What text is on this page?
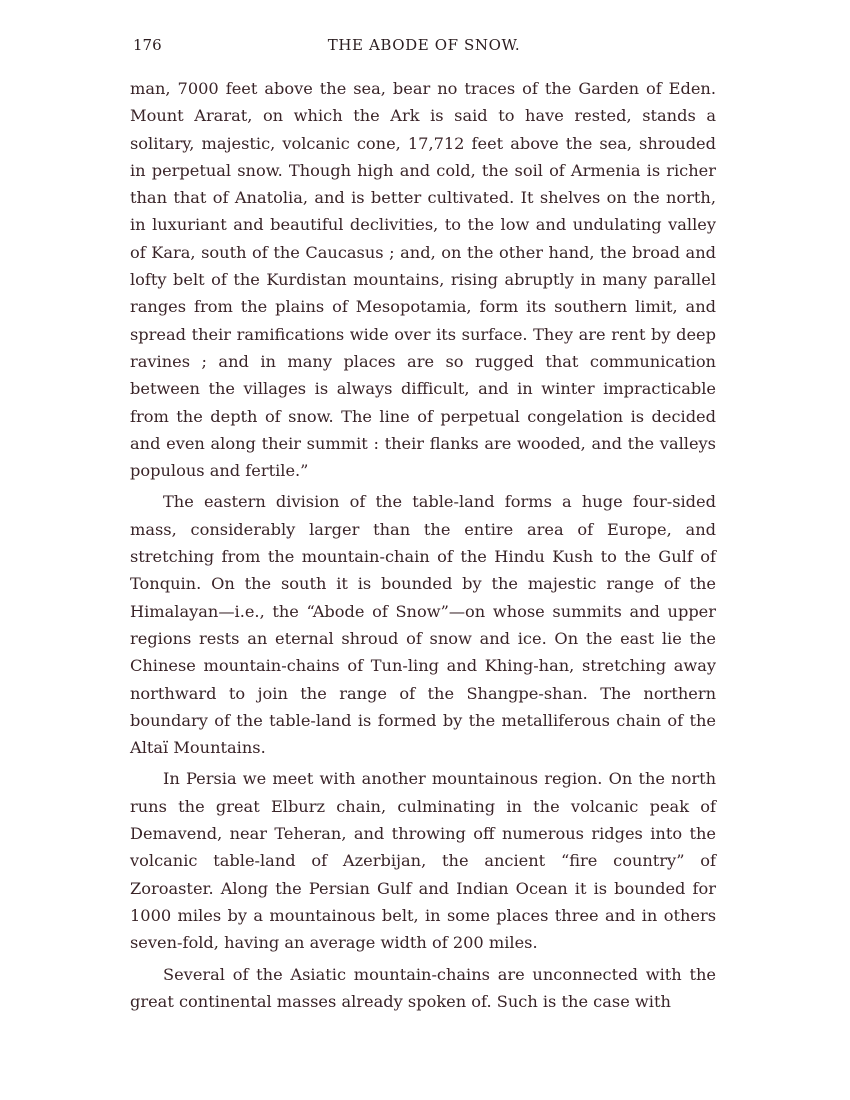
176	THE ABODE OF SNOW.

man, 7000 feet above the sea, bear no traces of the Garden of Eden. Mount Ararat, on which the Ark is said to have rested, stands a solitary, majestic, volcanic cone, 17,712 feet above the sea, shrouded in perpetual snow. Though high and cold, the soil of Armenia is richer than that of Anatolia, and is better cultivated. It shelves on the north, in luxuriant and beautiful declivities, to the low and undulating valley of Kara, south of the Caucasus ; and, on the other hand, the broad and lofty belt of the Kurdistan mountains, rising abruptly in many parallel ranges from the plains of Mesopotamia, form its southern limit, and spread their ramifications wide over its surface. They are rent by deep ravines ; and in many places are so rugged that communication between the villages is always difficult, and in winter impracticable from the depth of snow. The line of perpetual congelation is decided and even along their summit : their flanks are wooded, and the valleys populous and fertile.”

The eastern division of the table-land forms a huge four-sided mass, considerably larger than the entire area of Europe, and stretching from the mountain-chain of the Hindu Kush to the Gulf of Tonquin. On the south it is bounded by the majestic range of the Himalayan—i.e., the “Abode of Snow”—on whose summits and upper regions rests an eternal shroud of snow and ice. On the east lie the Chinese mountain-chains of Tun-ling and Khing-han, stretching away northward to join the range of the Shangpe-shan. The northern boundary of the table-land is formed by the metalliferous chain of the Altaï Mountains.

In Persia we meet with another mountainous region. On the north runs the great Elburz chain, culminating in the volcanic peak of Demavend, near Teheran, and throwing off numerous ridges into the volcanic table-land of Azerbijan, the ancient “fire country” of Zoroaster. Along the Persian Gulf and Indian Ocean it is bounded for 1000 miles by a mountainous belt, in some places three and in others seven-fold, having an average width of 200 miles.

Several of the Asiatic mountain-chains are unconnected with the great continental masses already spoken of. Such is the case with
